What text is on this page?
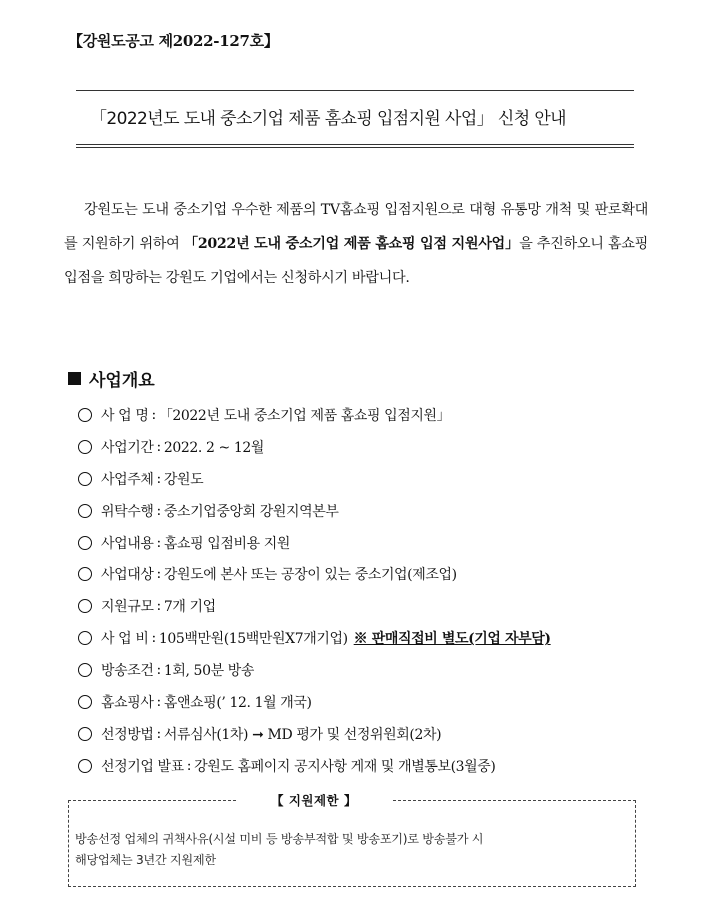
【강원도공고 제2022-127호】
「2022년도 도내 중소기업 제품 홈쇼핑 입점지원 사업」 신청 안내

강원도는 도내 중소기업 우수한 제품의 TV홈쇼핑 입점지원으로 대형 유통망 개척 및 판로확대를 지원하기 위하여 「2022년 도내 중소기업 제품 홈쇼핑 입점 지원사업」을 추진하오니 홈쇼핑 입점을 희망하는 강원도 기업에서는 신청하시기 바랍니다.

사업개요
사 업 명 : 「2022년 도내 중소기업 제품 홈쇼핑 입점지원」
사업기간 : 2022. 2 ~ 12월
사업주체 : 강원도
위탁수행 : 중소기업중앙회 강원지역본부
사업내용 : 홈쇼핑 입점비용 지원
사업대상 : 강원도에 본사 또는 공장이 있는 중소기업(제조업)
지원규모 : 7개 기업
사 업 비 : 105백만원(15백만원X7개기업) ※ 판매직접비 별도(기업 자부담)
방송조건 : 1회, 50분 방송
홈쇼핑사 : 홈앤쇼핑(’ 12. 1월 개국)
선정방법 : 서류심사(1차) ➞ MD 평가 및 선정위원회(2차)
선정기업 발표 : 강원도 홈페이지 공지사항 게재 및 개별통보(3월중)
【 지원제한 】
방송선정 업체의 귀책사유(시설 미비 등 방송부적합 및 방송포기)로 방송불가 시
해당업체는 3년간 지원제한
